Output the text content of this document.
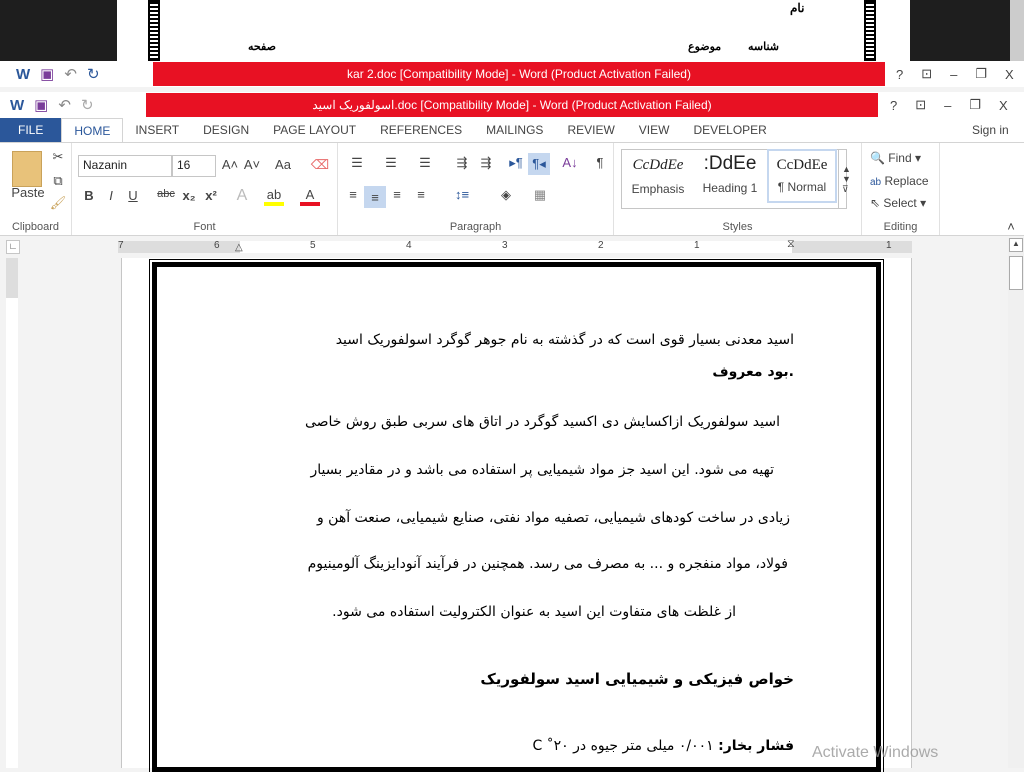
نام
شناسه
موضوع
صفحه
W ▣ ↶ ↻	kar 2.doc [Compatibility Mode] - Word (Product Activation Failed)	? ⊡ – ❐ X
W ▣ ↶ ↻	اسولفوریک اسید.doc [Compatibility Mode] - Word (Product Activation Failed)	? ⊡ – ❐ X
FILE	HOME	INSERT	DESIGN	PAGE LAYOUT	REFERENCES	MAILINGS	REVIEW	VIEW	DEVELOPER	Sign in
Paste
✂
⧉
🖌
Clipboard
Nazanin	16	A˄ A˅	Aa	⌫
B	I	U	abc x₂ x² A	ab	A
Font
☰	☰	☰	⇶	⇶	▸¶ ¶◂	A↓	¶
≡	≡	≡	≡	↕≡	◈	▦
Paragraph
CcDdEe
Emphasis
:DdEe
Heading 1
CcDdEe
¶ Normal
▲
▼
⊽
Styles
🔍 Find ▾
ab Replace
⇖ Select ▾
Editing	˄
∟	7	6	5	4	3	2	1	1
△	⧖
اسید معدنی بسیار قوی است که در گذشته به نام جوهر گوگرد اسولفوریک اسید
.بود معروف
اسید سولفوریک ازاکسایش دی اکسید گوگرد در اتاق های سربی طبق روش خاصی
تهیه می شود. این اسید جز مواد شیمیایی پر استفاده می باشد و در مقادیر بسیار
زیادی در ساخت کودهای شیمیایی، تصفیه مواد نفتی، صنایع شیمیایی، صنعت آهن و
فولاد، مواد منفجره و ... به مصرف می رسد. همچنین در فرآیند آنودایزینگ آلومینیوم
از غلظت های متفاوت این اسید به عنوان الکترولیت استفاده می شود.
خواص فیزیکی و شیمیایی اسید سولفوریک
فشار بخار: ۰/۰۰۱ میلی متر جیوه در C ˚۲۰	Activate Windows
▲
